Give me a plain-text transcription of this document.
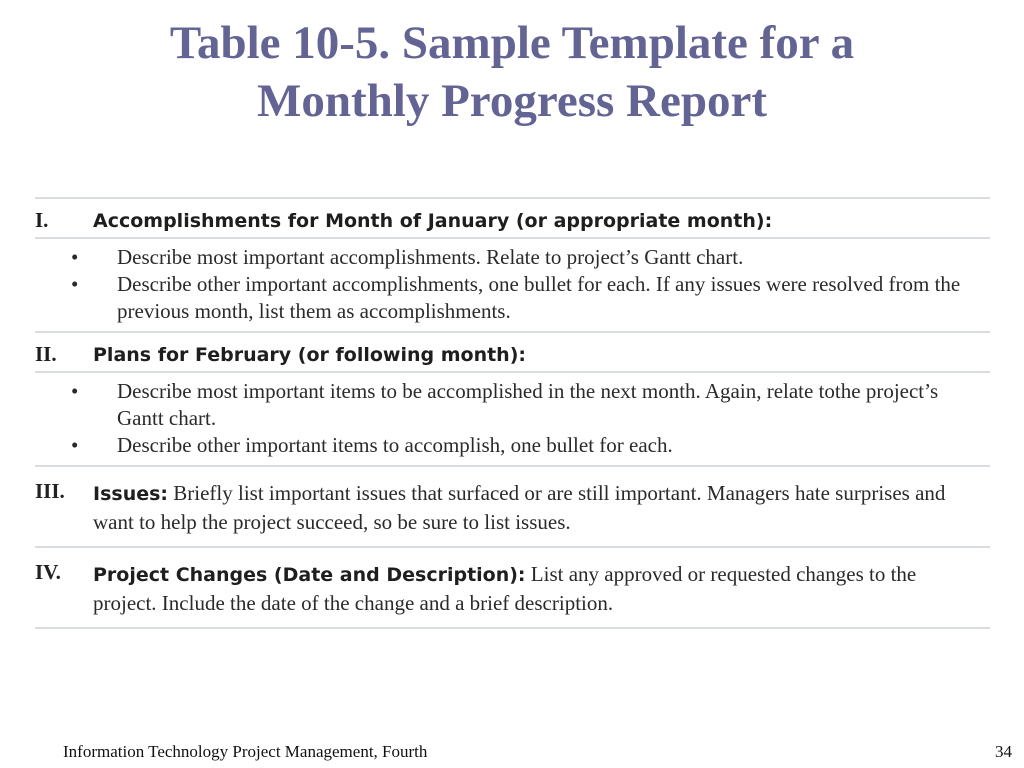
Table 10-5. Sample Template for a
Monthly Progress Report
I.	Accomplishments for Month of January (or appropriate month):
•	Describe most important accomplishments. Relate to project’s Gantt chart.
•	Describe other important accomplishments, one bullet for each. If any issues were resolved from the previous month, list them as accomplishments.
II.	Plans for February (or following month):
•	Describe most important items to be accomplished in the next month. Again, relate tothe project’s Gantt chart.
•	Describe other important items to accomplish, one bullet for each.
III.	Issues: Briefly list important issues that surfaced or are still important. Managers hate surprises and want to help the project succeed, so be sure to list issues.
IV.	Project Changes (Date and Description): List any approved or requested changes to the project. Include the date of the change and a brief description.
Information Technology Project Management, Fourth	34
